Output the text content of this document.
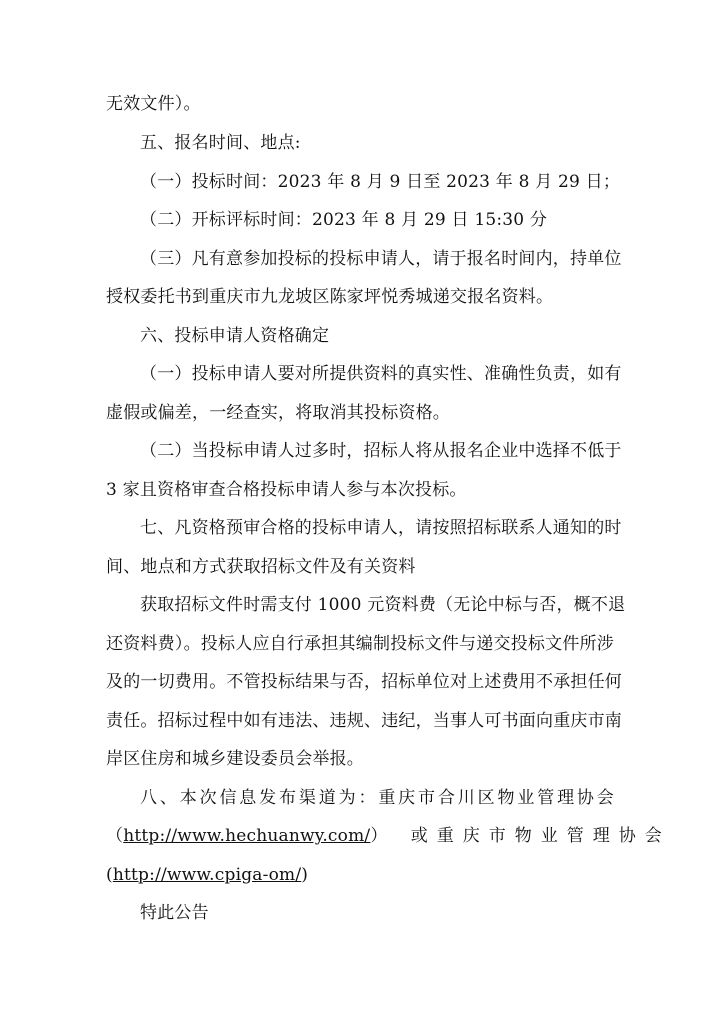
无效文件）。
五、报名时间、地点:
（一）投标时间：2023 年 8 月 9 日至 2023 年 8 月 29 日；
（二）开标评标时间：2023 年 8 月 29 日 15:30 分
（三）凡有意参加投标的投标申请人，请于报名时间内，持单位
授权委托书到重庆市九龙坡区陈家坪悦秀城递交报名资料。
六、投标申请人资格确定
（一）投标申请人要对所提供资料的真实性、准确性负责，如有
虚假或偏差，一经查实，将取消其投标资格。
（二）当投标申请人过多时，招标人将从报名企业中选择不低于
3 家且资格审查合格投标申请人参与本次投标。
七、凡资格预审合格的投标申请人，请按照招标联系人通知的时
间、地点和方式获取招标文件及有关资料
获取招标文件时需支付 1000 元资料费（无论中标与否，概不退
还资料费）。投标人应自行承担其编制投标文件与递交投标文件所涉
及的一切费用。不管投标结果与否，招标单位对上述费用不承担任何
责任。招标过程中如有违法、违规、违纪，当事人可书面向重庆市南
岸区住房和城乡建设委员会举报。
八、本次信息发布渠道为：重庆市合川区物业管理协会
（ http://www.hechuanwy.com/ ） 或重庆市物业管理协会
(http://www.cpiga-om/)
特此公告
